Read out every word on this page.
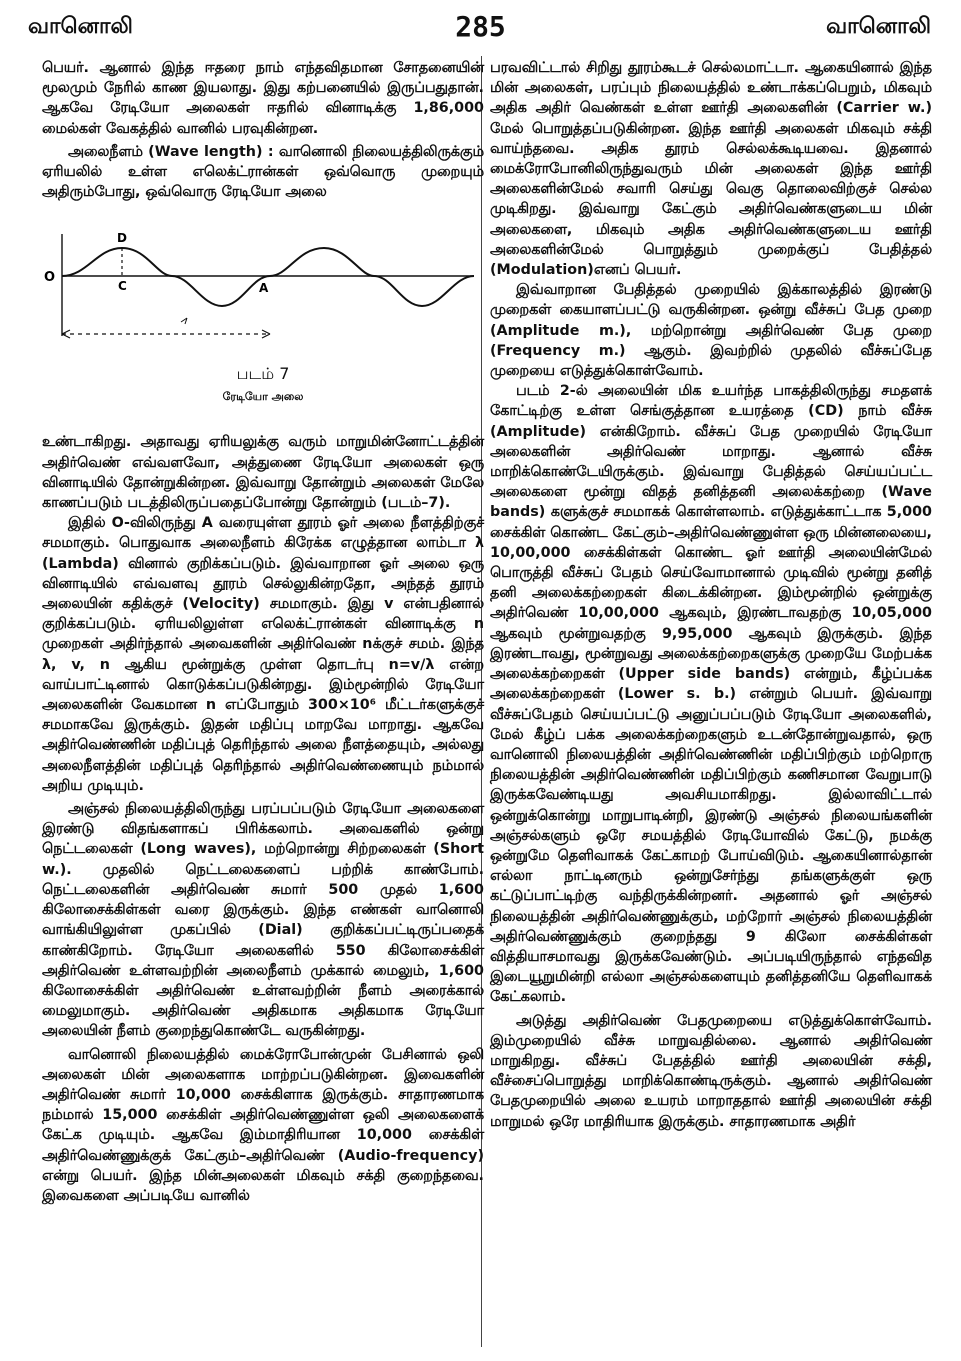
வானொலி	285	வானொலி

பெயர். ஆனால் இந்த ஈதரை நாம் எந்தவிதமான சோதனையின் மூலமும் நேரில் காண இயலாது. இது கற்பனையில் இருப்பதுதான். ஆகவே ரேடியோ அலைகள் ஈதரில் வினாடிக்கு 1,86,000 மைல்கள் வேகத்தில் வானில் பரவுகின்றன.

அலைநீளம் (Wave length) : வானொலி நிலையத்திலிருக்கும் ஏரியலில் உள்ள எலெக்ட்ரான்கள் ஒவ்வொரு முறையும் அதிரும்போது, ஒவ்வொரு ரேடியோ அலை

O
D
C	A
படம் 7
ரேடியோ அலை

உண்டாகிறது. அதாவது ஏரியலுக்கு வரும் மாறுமின்னோட்டத்தின் அதிர்வெண் எவ்வளவோ, அத்துணை ரேடியோ அலைகள் ஒரு வினாடியில் தோன்றுகின்றன. இவ்வாறு தோன்றும் அலைகள் மேலே காணப்படும் படத்திலிருப்பதைப்போன்று தோன்றும் (படம்–7).

இதில் O-விலிருந்து A வரையுள்ள தூரம் ஓர் அலை நீளத்திற்குச் சமமாகும். பொதுவாக அலைநீளம் கிரேக்க எழுத்தான லாம்டா λ (Lambda) வினால் குறிக்கப்படும். இவ்வாறான ஓர் அலை ஒரு வினாடியில் எவ்வளவு தூரம் செல்லுகின்றதோ, அந்தத் தூரம் அலையின் கதிக்குச் (Velocity) சமமாகும். இது v என்பதினால் குறிக்கப்படும். ஏரியலிலுள்ள எலெக்ட்ரான்கள் வினாடிக்கு n முறைகள் அதிர்ந்தால் அவைகளின் அதிர்வெண் nக்குச் சமம். இந்த λ, v, n ஆகிய மூன்றுக்கு முள்ள தொடர்பு n=v/λ என்ற வாய்பாட்டினால் கொடுக்கப்படுகின்றது. இம்மூன்றில் ரேடியோ அலைகளின் வேகமான n எப்போதும் 300×10⁶ மீட்டர்களுக்குச் சமமாகவே இருக்கும். இதன் மதிப்பு மாறவே மாறாது. ஆகவே அதிர்வெண்ணின் மதிப்புத் தெரிந்தால் அலை நீளத்தையும், அல்லது அலைநீளத்தின் மதிப்புத் தெரிந்தால் அதிர்வெண்ணையும் நம்மால் அறிய முடியும்.

அஞ்சல் நிலையத்திலிருந்து பரப்பப்படும் ரேடியோ அலைகளை இரண்டு விதங்களாகப் பிரிக்கலாம். அவைகளில் ஒன்று நெட்டலைகள் (Long waves), மற்றொன்று சிற்றலைகள் (Short w.). முதலில் நெட்டலைகளைப் பற்றிக் காண்போம். நெட்டலைகளின் அதிர்வெண் சுமார் 500 முதல் 1,600 கிலோசைக்கிள்கள் வரை இருக்கும். இந்த எண்கள் வானொலி வாங்கியிலுள்ள முகப்பில் (Dial) குறிக்கப்பட்டிருப்பதைக் காண்கிறோம். ரேடியோ அலைகளில் 550 கிலோசைக்கிள் அதிர்வெண் உள்ளவற்றின் அலைநீளம் முக்கால் மைலும், 1,600 கிலோசைக்கிள் அதிர்வெண் உள்ளவற்றின் நீளம் அரைக்கால் மைலுமாகும். அதிர்வெண் அதிகமாக அதிகமாக ரேடியோ அலையின் நீளம் குறைந்துகொண்டே வருகின்றது.

வானொலி நிலையத்தில் மைக்ரோபோன்முன் பேசினால் ஒலி அலைகள் மின் அலைகளாக மாற்றப்படுகின்றன. இவைகளின் அதிர்வெண் சுமார் 10,000 சைக்கிளாக இருக்கும். சாதாரணமாக நம்மால் 15,000 சைக்கிள் அதிர்வெண்ணுள்ள ஒலி அலைகளைக் கேட்க முடியும். ஆகவே இம்மாதிரியான 10,000 சைக்கிள் அதிர்வெண்ணுக்குக் கேட்கும்–அதிர்வெண் (Audio-frequency) என்று பெயர். இந்த மின்அலைகள் மிகவும் சக்தி குறைந்தவை. இவைகளை அப்படியே வானில்

பரவவிட்டால் சிறிது தூரம்கூடச் செல்லமாட்டா. ஆகையினால் இந்த மின் அலைகள், பரப்பும் நிலையத்தில் உண்டாக்கப்பெறும், மிகவும் அதிக அதிர் வெண்கள் உள்ள ஊர்தி அலைகளின் (Carrier w.) மேல் பொறுத்தப்படுகின்றன. இந்த ஊர்தி அலைகள் மிகவும் சக்தி வாய்ந்தவை. அதிக தூரம் செல்லக்கூடியவை. இதனால் மைக்ரோபோனிலிருந்துவரும் மின் அலைகள் இந்த ஊர்தி அலைகளின்மேல் சவாரி செய்து வெகு தொலைவிற்குச் செல்ல முடிகிறது. இவ்வாறு கேட்கும் அதிர்வெண்களுடைய மின் அலைகளை, மிகவும் அதிக அதிர்வெண்களுடைய ஊர்தி அலைகளின்மேல் பொறுத்தும் முறைக்குப் பேதித்தல் (Modulation)எனப் பெயர்.

இவ்வாறான பேதித்தல் முறையில் இக்காலத்தில் இரண்டு முறைகள் கையாளப்பட்டு வருகின்றன. ஒன்று வீச்சுப் பேத முறை (Amplitude m.), மற்றொன்று அதிர்வெண் பேத முறை (Frequency m.) ஆகும். இவற்றில் முதலில் வீச்சுப்பேத முறையை எடுத்துக்கொள்வோம்.

படம் 2-ல் அலையின் மிக உயர்ந்த பாகத்திலிருந்து சமதளக் கோட்டிற்கு உள்ள செங்குத்தான உயரத்தை (CD) நாம் வீச்சு (Amplitude) என்கிறோம். வீச்சுப் பேத முறையில் ரேடியோ அலைகளின் அதிர்வெண் மாறாது. ஆனால் வீச்சு மாறிக்கொண்டேயிருக்கும். இவ்வாறு பேதித்தல் செய்யப்பட்ட அலைகளை மூன்று விதத் தனித்தனி அலைக்கற்றை (Wave bands) களுக்குச் சமமாகக் கொள்ளலாம். எடுத்துக்காட்டாக 5,000 சைக்கிள் கொண்ட கேட்கும்–அதிர்வெண்ணுள்ள ஒரு மின்னலையை, 10,00,000 சைக்கிள்கள் கொண்ட ஓர் ஊர்தி அலையின்மேல் பொருத்தி வீச்சுப் பேதம் செய்வோமானால் முடிவில் மூன்று தனித் தனி அலைக்கற்றைகள் கிடைக்கின்றன. இம்மூன்றில் ஒன்றுக்கு அதிர்வெண் 10,00,000 ஆகவும், இரண்டாவதற்கு 10,05,000 ஆகவும் மூன்றுவதற்கு 9,95,000 ஆகவும் இருக்கும். இந்த இரண்டாவது, மூன்றுவது அலைக்கற்றைகளுக்கு முறையே மேற்பக்க அலைக்கற்றைகள் (Upper side bands) என்றும், கீழ்ப்பக்க அலைக்கற்றைகள் (Lower s. b.) என்றும் பெயர். இவ்வாறு வீச்சுப்பேதம் செய்யப்பட்டு அனுப்பப்படும் ரேடியோ அலைகளில், மேல் கீழ்ப் பக்க அலைக்கற்றைகளும் உடன்தோன்றுவதால், ஒரு வானொலி நிலையத்தின் அதிர்வெண்ணின் மதிப்பிற்கும் மற்றொரு நிலையத்தின் அதிர்வெண்ணின் மதிப்பிற்கும் கணிசமான வேறுபாடு இருக்கவேண்டியது அவசியமாகிறது. இல்லாவிட்டால் ஒன்றுக்கொன்று மாறுபாடின்றி, இரண்டு அஞ்சல் நிலையங்களின் அஞ்சல்களும் ஒரே சமயத்தில் ரேடியோவில் கேட்டு, நமக்கு ஒன்றுமே தெளிவாகக் கேட்காமற் போய்விடும். ஆகையினால்தான் எல்லா நாட்டினரும் ஒன்றுசேர்ந்து தங்களுக்குள் ஒரு கட்டுப்பாட்டிற்கு வந்திருக்கின்றனர். அதனால் ஓர் அஞ்சல் நிலையத்தின் அதிர்வெண்ணுக்கும், மற்றோர் அஞ்சல் நிலையத்தின் அதிர்வெண்ணுக்கும் குறைந்தது 9 கிலோ சைக்கிள்கள் வித்தியாசமாவது இருக்கவேண்டும். அப்படியிருந்தால் எந்தவித இடையூறுமின்றி எல்லா அஞ்சல்களையும் தனித்தனியே தெளிவாகக் கேட்கலாம்.

அடுத்து அதிர்வெண் பேதமுறையை எடுத்துக்கொள்வோம். இம்முறையில் வீச்சு மாறுவதில்லை. ஆனால் அதிர்வெண் மாறுகிறது. வீச்சுப் பேதத்தில் ஊர்தி அலையின் சக்தி, வீச்சைப்பொறுத்து மாறிக்கொண்டிருக்கும். ஆனால் அதிர்வெண் பேதமுறையில் அலை உயரம் மாறாததால் ஊர்தி அலையின் சக்தி மாறுமல் ஒரே மாதிரியாக இருக்கும். சாதாரணமாக அதிர்
